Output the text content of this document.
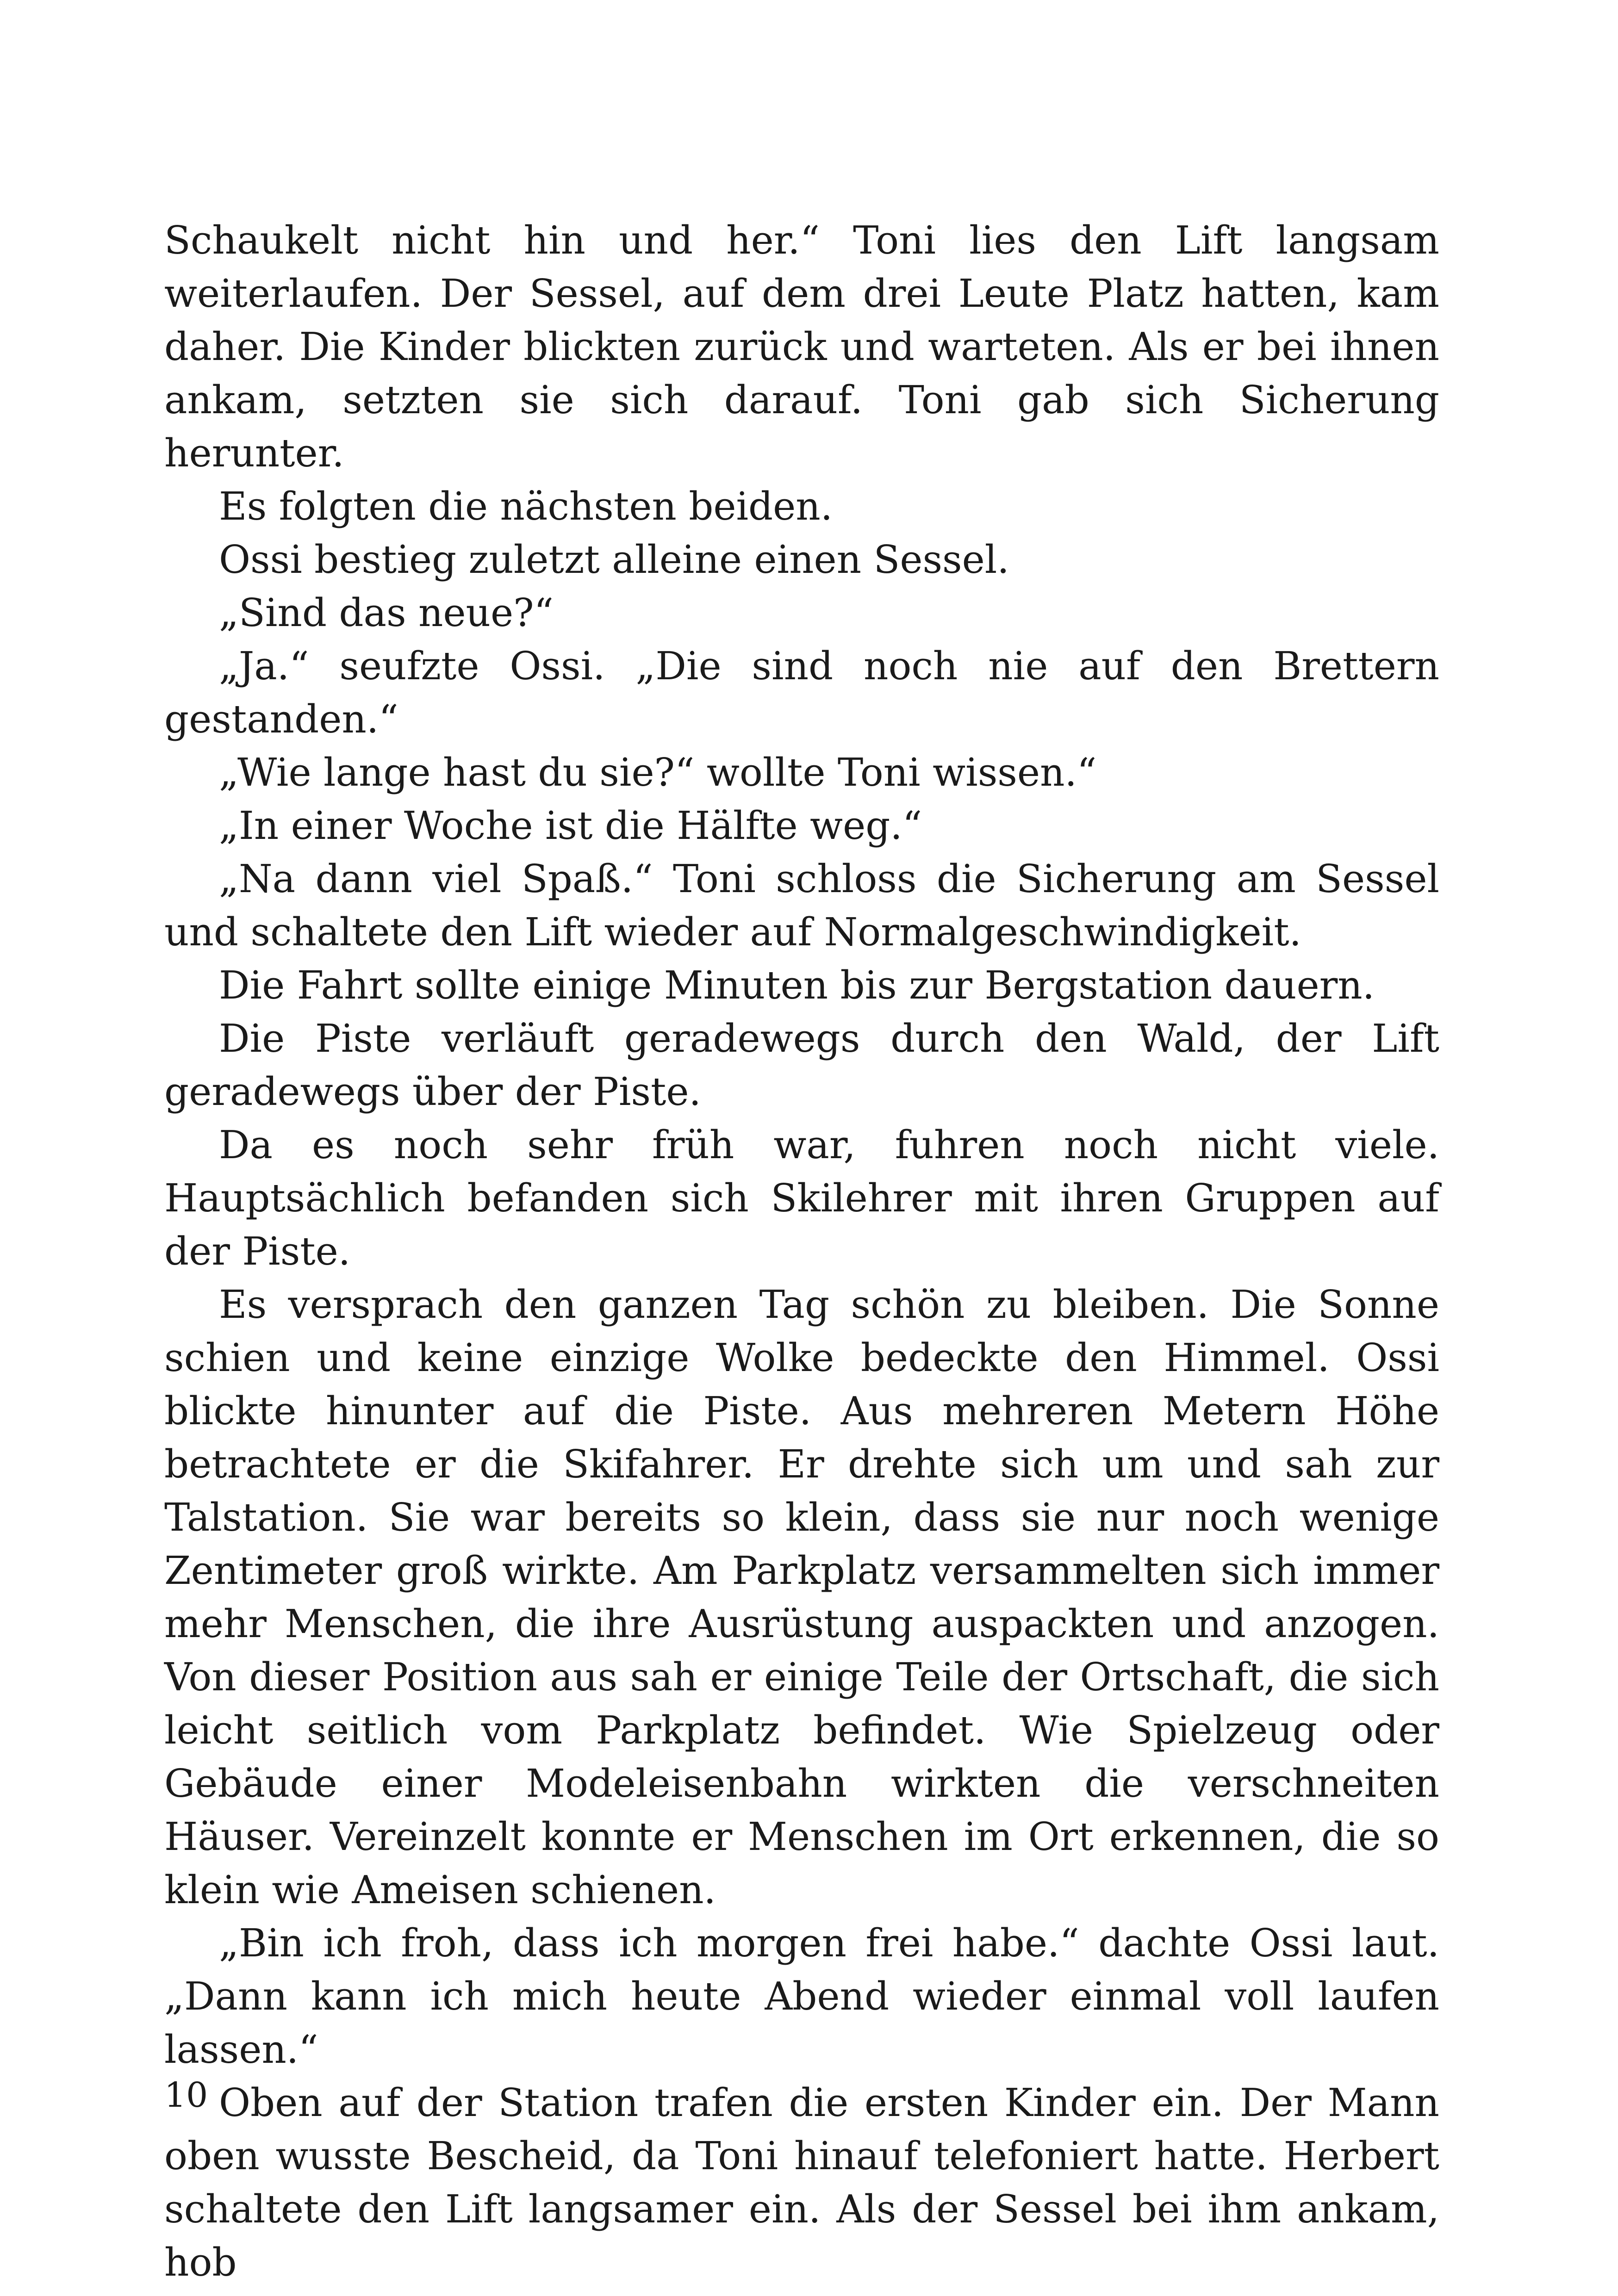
Schaukelt nicht hin und her.“ Toni lies den Lift langsam weiterlaufen. Der Sessel, auf dem drei Leute Platz hatten, kam daher. Die Kinder blickten zurück und warteten. Als er bei ihnen ankam, setzten sie sich darauf. Toni gab sich Sicherung herunter.

Es folgten die nächsten beiden.

Ossi bestieg zuletzt alleine einen Sessel.

„Sind das neue?“

„Ja.“ seufzte Ossi. „Die sind noch nie auf den Brettern gestanden.“

„Wie lange hast du sie?“ wollte Toni wissen.“

„In einer Woche ist die Hälfte weg.“

„Na dann viel Spaß.“ Toni schloss die Sicherung am Sessel und schaltete den Lift wieder auf Normalgeschwindigkeit.

Die Fahrt sollte einige Minuten bis zur Bergstation dauern.

Die Piste verläuft geradewegs durch den Wald, der Lift geradewegs über der Piste.

Da es noch sehr früh war, fuhren noch nicht viele. Hauptsächlich befanden sich Skilehrer mit ihren Gruppen auf der Piste.

Es versprach den ganzen Tag schön zu bleiben. Die Sonne schien und keine einzige Wolke bedeckte den Himmel. Ossi blickte hinunter auf die Piste. Aus mehreren Metern Höhe betrachtete er die Skifahrer. Er drehte sich um und sah zur Talstation. Sie war bereits so klein, dass sie nur noch wenige Zentimeter groß wirkte. Am Parkplatz versammelten sich immer mehr Menschen, die ihre Ausrüstung auspackten und anzogen. Von dieser Position aus sah er einige Teile der Ortschaft, die sich leicht seitlich vom Parkplatz befindet. Wie Spielzeug oder Gebäude einer Modeleisenbahn wirkten die verschneiten Häuser. Vereinzelt konnte er Menschen im Ort erkennen, die so klein wie Ameisen schienen.

„Bin ich froh, dass ich morgen frei habe.“ dachte Ossi laut. „Dann kann ich mich heute Abend wieder einmal voll laufen lassen.“

Oben auf der Station trafen die ersten Kinder ein. Der Mann oben wusste Bescheid, da Toni hinauf telefoniert hatte. Herbert schaltete den Lift langsamer ein. Als der Sessel bei ihm ankam, hob

10
